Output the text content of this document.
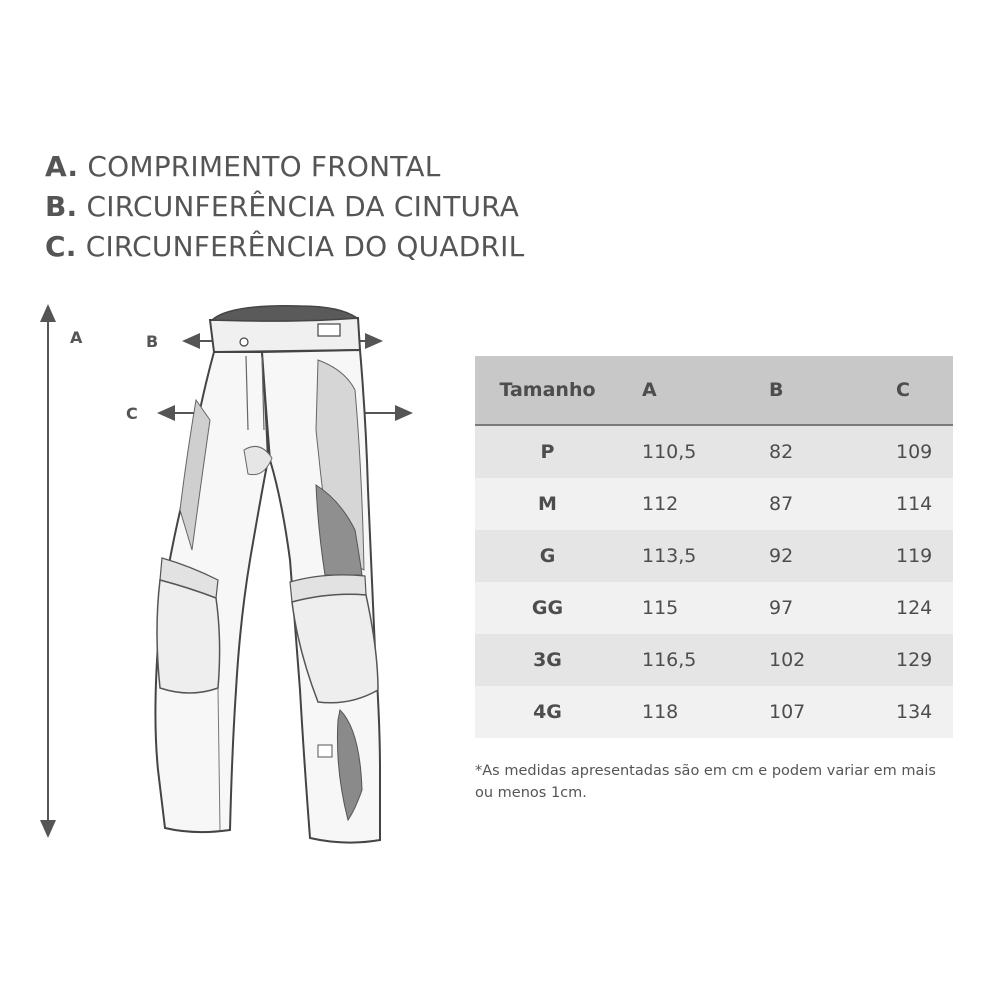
A. COMPRIMENTO FRONTAL
B. CIRCUNFERÊNCIA DA CINTURA
C. CIRCUNFERÊNCIA DO QUADRIL
A	B
C
Tamanho	A	B	C
P	110,5	82	109
M	112	87	114
G	113,5	92	119
GG	115	97	124
3G	116,5	102	129
4G	118	107	134
*As medidas apresentadas são em cm e podem variar em mais ou menos 1cm.
